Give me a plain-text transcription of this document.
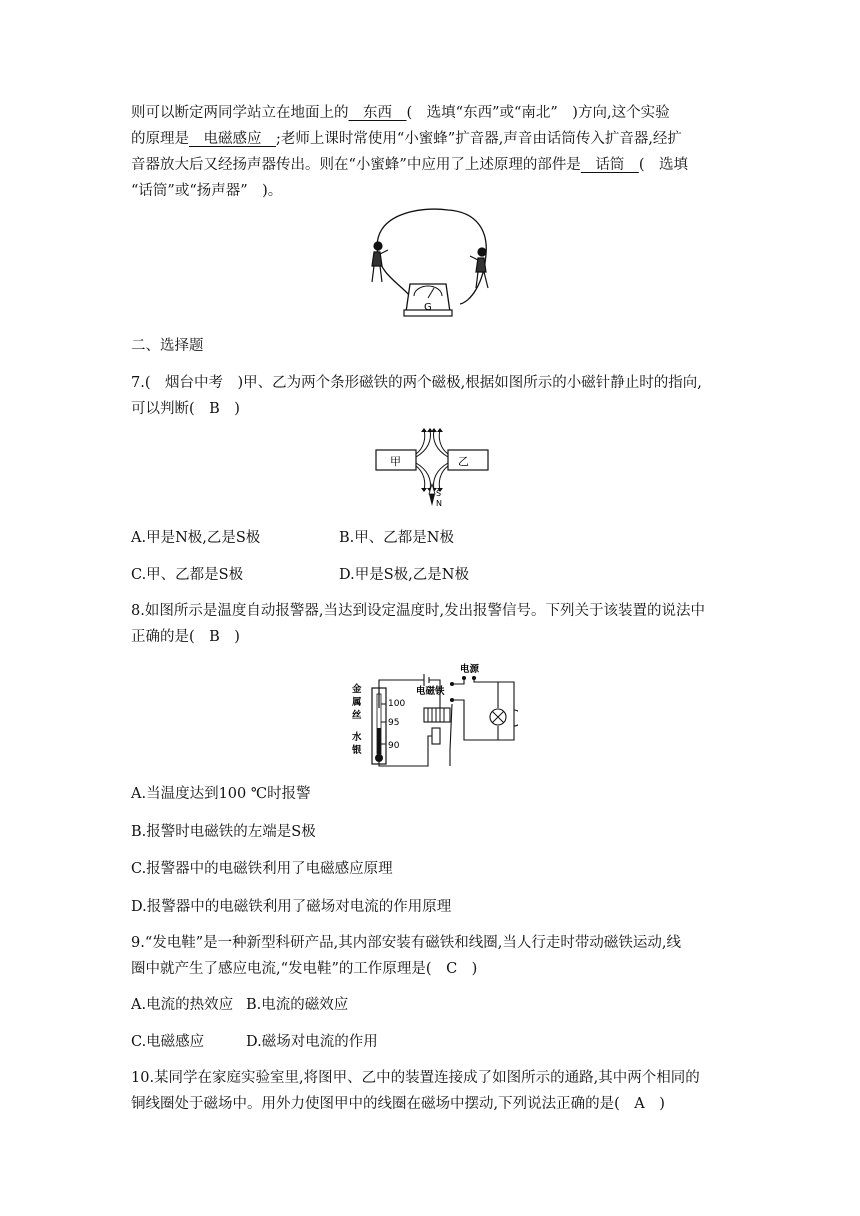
则可以断定两同学站立在地面上的　东西　(　选填“东西”或“南北”　)方向,这个实验
的原理是　电磁感应　;老师上课时常使用“小蜜蜂”扩音器,声音由话筒传入扩音器,经扩
音器放大后又经扬声器传出。则在“小蜜蜂”中应用了上述原理的部件是　话筒　(　选填
“话筒”或“扬声器”　)。
G
二、选择题
7.(　烟台中考　)甲、乙为两个条形磁铁的两个磁极,根据如图所示的小磁针静止时的指向,
可以判断(　B　)
甲	乙
S
N
A.甲是N极,乙是S极	B.甲、乙都是N极
C.甲、乙都是S极	D.甲是S极,乙是N极
8.如图所示是温度自动报警器,当达到设定温度时,发出报警信号。下列关于该装置的说法中
正确的是(　B　)
金
属
丝
水
银
100
95
90
电磁铁
电源
A.当温度达到100 ℃时报警
B.报警时电磁铁的左端是S极
C.报警器中的电磁铁利用了电磁感应原理
D.报警器中的电磁铁利用了磁场对电流的作用原理
9.“发电鞋”是一种新型科研产品,其内部安装有磁铁和线圈,当人行走时带动磁铁运动,线
圈中就产生了感应电流,“发电鞋”的工作原理是(　C　)
A.电流的热效应 B.电流的磁效应
C.电磁感应	D.磁场对电流的作用
10.某同学在家庭实验室里,将图甲、乙中的装置连接成了如图所示的通路,其中两个相同的
铜线圈处于磁场中。用外力使图甲中的线圈在磁场中摆动,下列说法正确的是(　A　)
